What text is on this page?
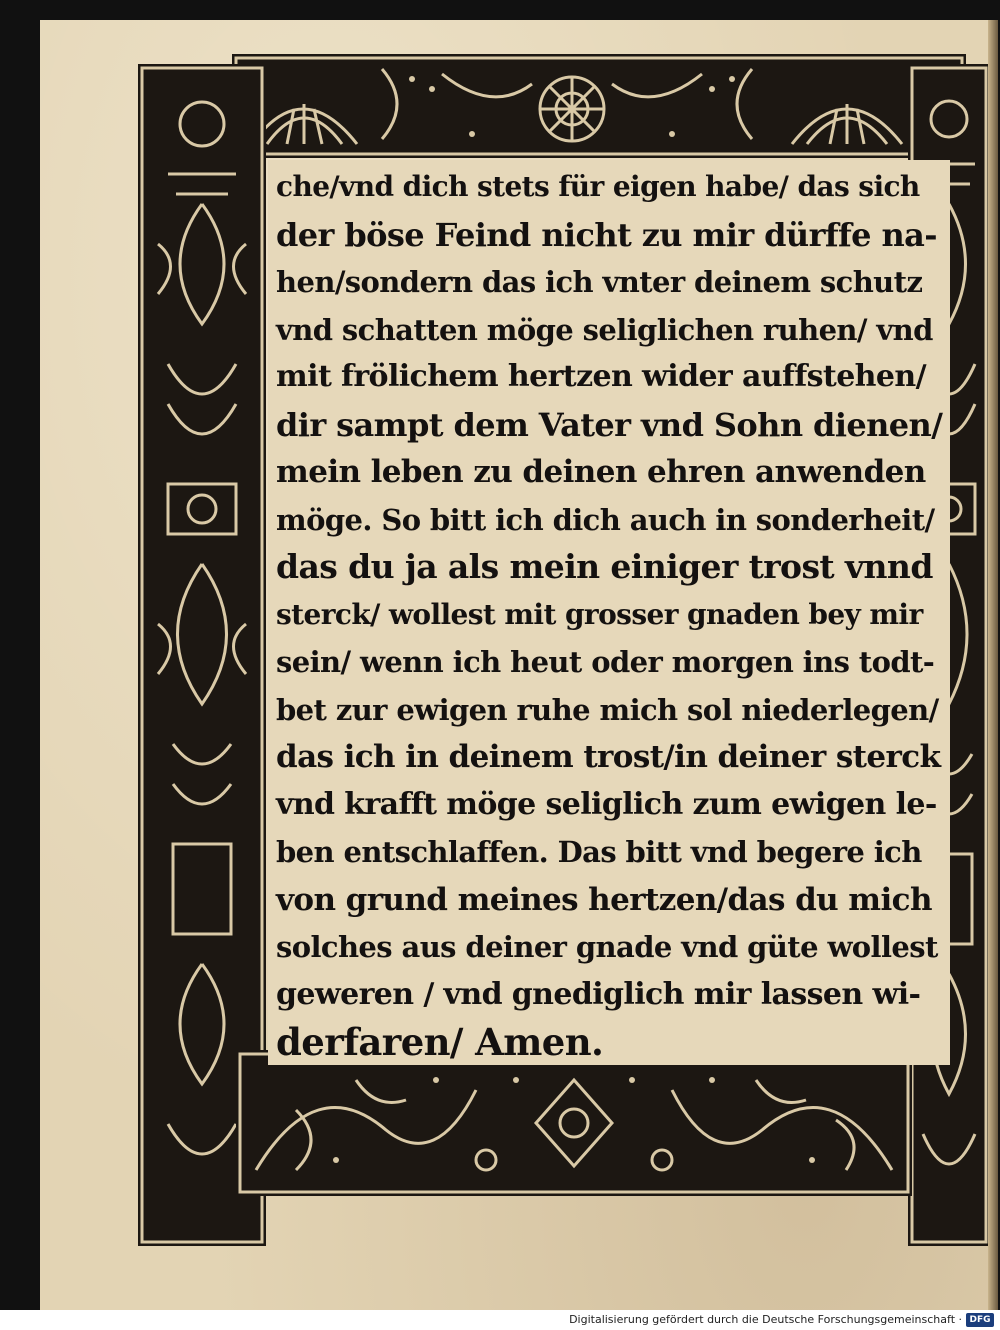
che/vnd dich stets für eigen habe/ das sich
der böse Feind nicht zu mir dürffe na-
hen/sondern das ich vnter deinem schutz
vnd schatten möge seliglichen ruhen/ vnd
mit frölichem hertzen wider auffstehen/
dir sampt dem Vater vnd Sohn dienen/
mein leben zu deinen ehren anwenden
möge. So bitt ich dich auch in sonderheit/
das du ja als mein einiger trost vnnd
sterck/ wollest mit grosser gnaden bey mir
sein/ wenn ich heut oder morgen ins todt-
bet zur ewigen ruhe mich sol niederlegen/
das ich in deinem trost/in deiner sterck
vnd krafft möge seliglich zum ewigen le-
ben entschlaffen. Das bitt vnd begere ich
von grund meines hertzen/das du mich
solches aus deiner gnade vnd güte wollest
geweren / vnd gnediglich mir lassen wi-
derfaren/ Amen.
Digitalisierung gefördert durch die Deutsche Forschungsgemeinschaft · DFG
